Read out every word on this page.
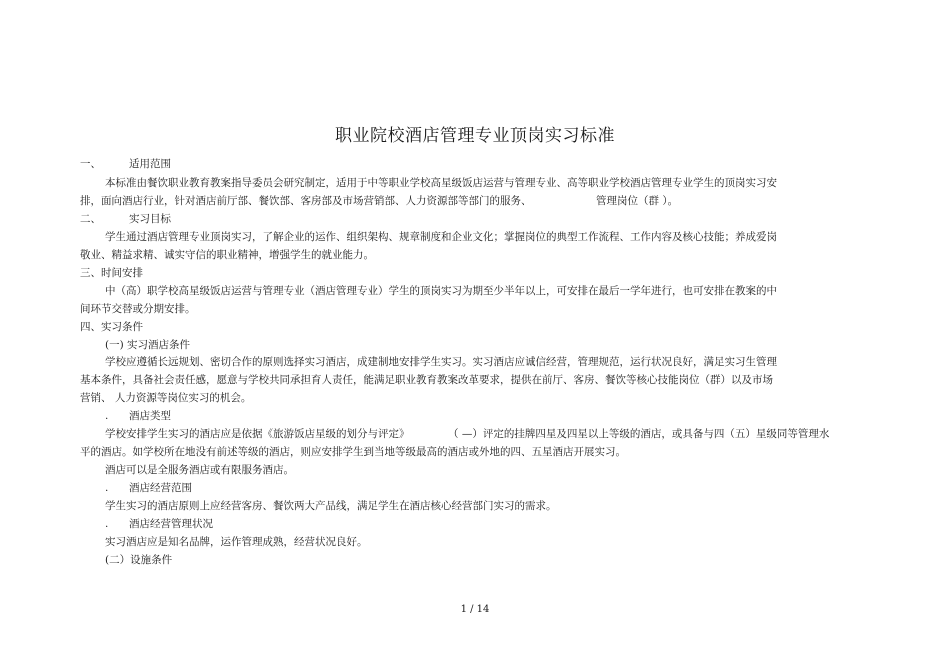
职业院校酒店管理专业顶岗实习标准
一、	适用范围
本标准由餐饮职业教育教案指导委员会研究制定，适用于中等职业学校高星级饭店运营与管理专业、高等职业学校酒店管理专业学生的顶岗实习安
排，面向酒店行业，针对酒店前厅部、餐饮部、客房部及市场营销部、人力资源部等部门的服务、	管理岗位（群 ）。
二、	实习目标
学生通过酒店管理专业顶岗实习，了解企业的运作、组织架构、规章制度和企业文化；掌握岗位的典型工作流程、工作内容及核心技能；养成爱岗
敬业、精益求精、诚实守信的职业精神，增强学生的就业能力。
三、时间安排
中（高）职学校高星级饭店运营与管理专业（酒店管理专业）学生的顶岗实习为期至少半年以上，可安排在最后一学年进行，也可安排在教案的中
间环节交替或分期安排。
四、实习条件
(一) 实习酒店条件
学校应遵循长远规划、密切合作的原则选择实习酒店，成建制地安排学生实习。实习酒店应诚信经营，管理规范，运行状况良好，满足实习生管理
基本条件，具备社会责任感，愿意与学校共同承担育人责任，能满足职业教育教案改革要求，提供在前厅、客房、餐饮等核心技能岗位（群）以及市场
营销、 人力资源等岗位实习的机会。
. 酒店类型
学校安排学生实习的酒店应是依据《旅游饭店星级的划分与评定》	（ —）评定的挂牌四星及四星以上等级的酒店，或具备与四（五）星级同等管理水
平的酒店。如学校所在地没有前述等级的酒店，则应安排学生到当地等级最高的酒店或外地的四、五星酒店开展实习。
酒店可以是全服务酒店或有限服务酒店。
. 酒店经营范围
学生实习的酒店原则上应经营客房、餐饮两大产品线，满足学生在酒店核心经营部门实习的需求。
. 酒店经营管理状况
实习酒店应是知名品牌，运作管理成熟，经营状况良好。
(二）设施条件
1 / 14
